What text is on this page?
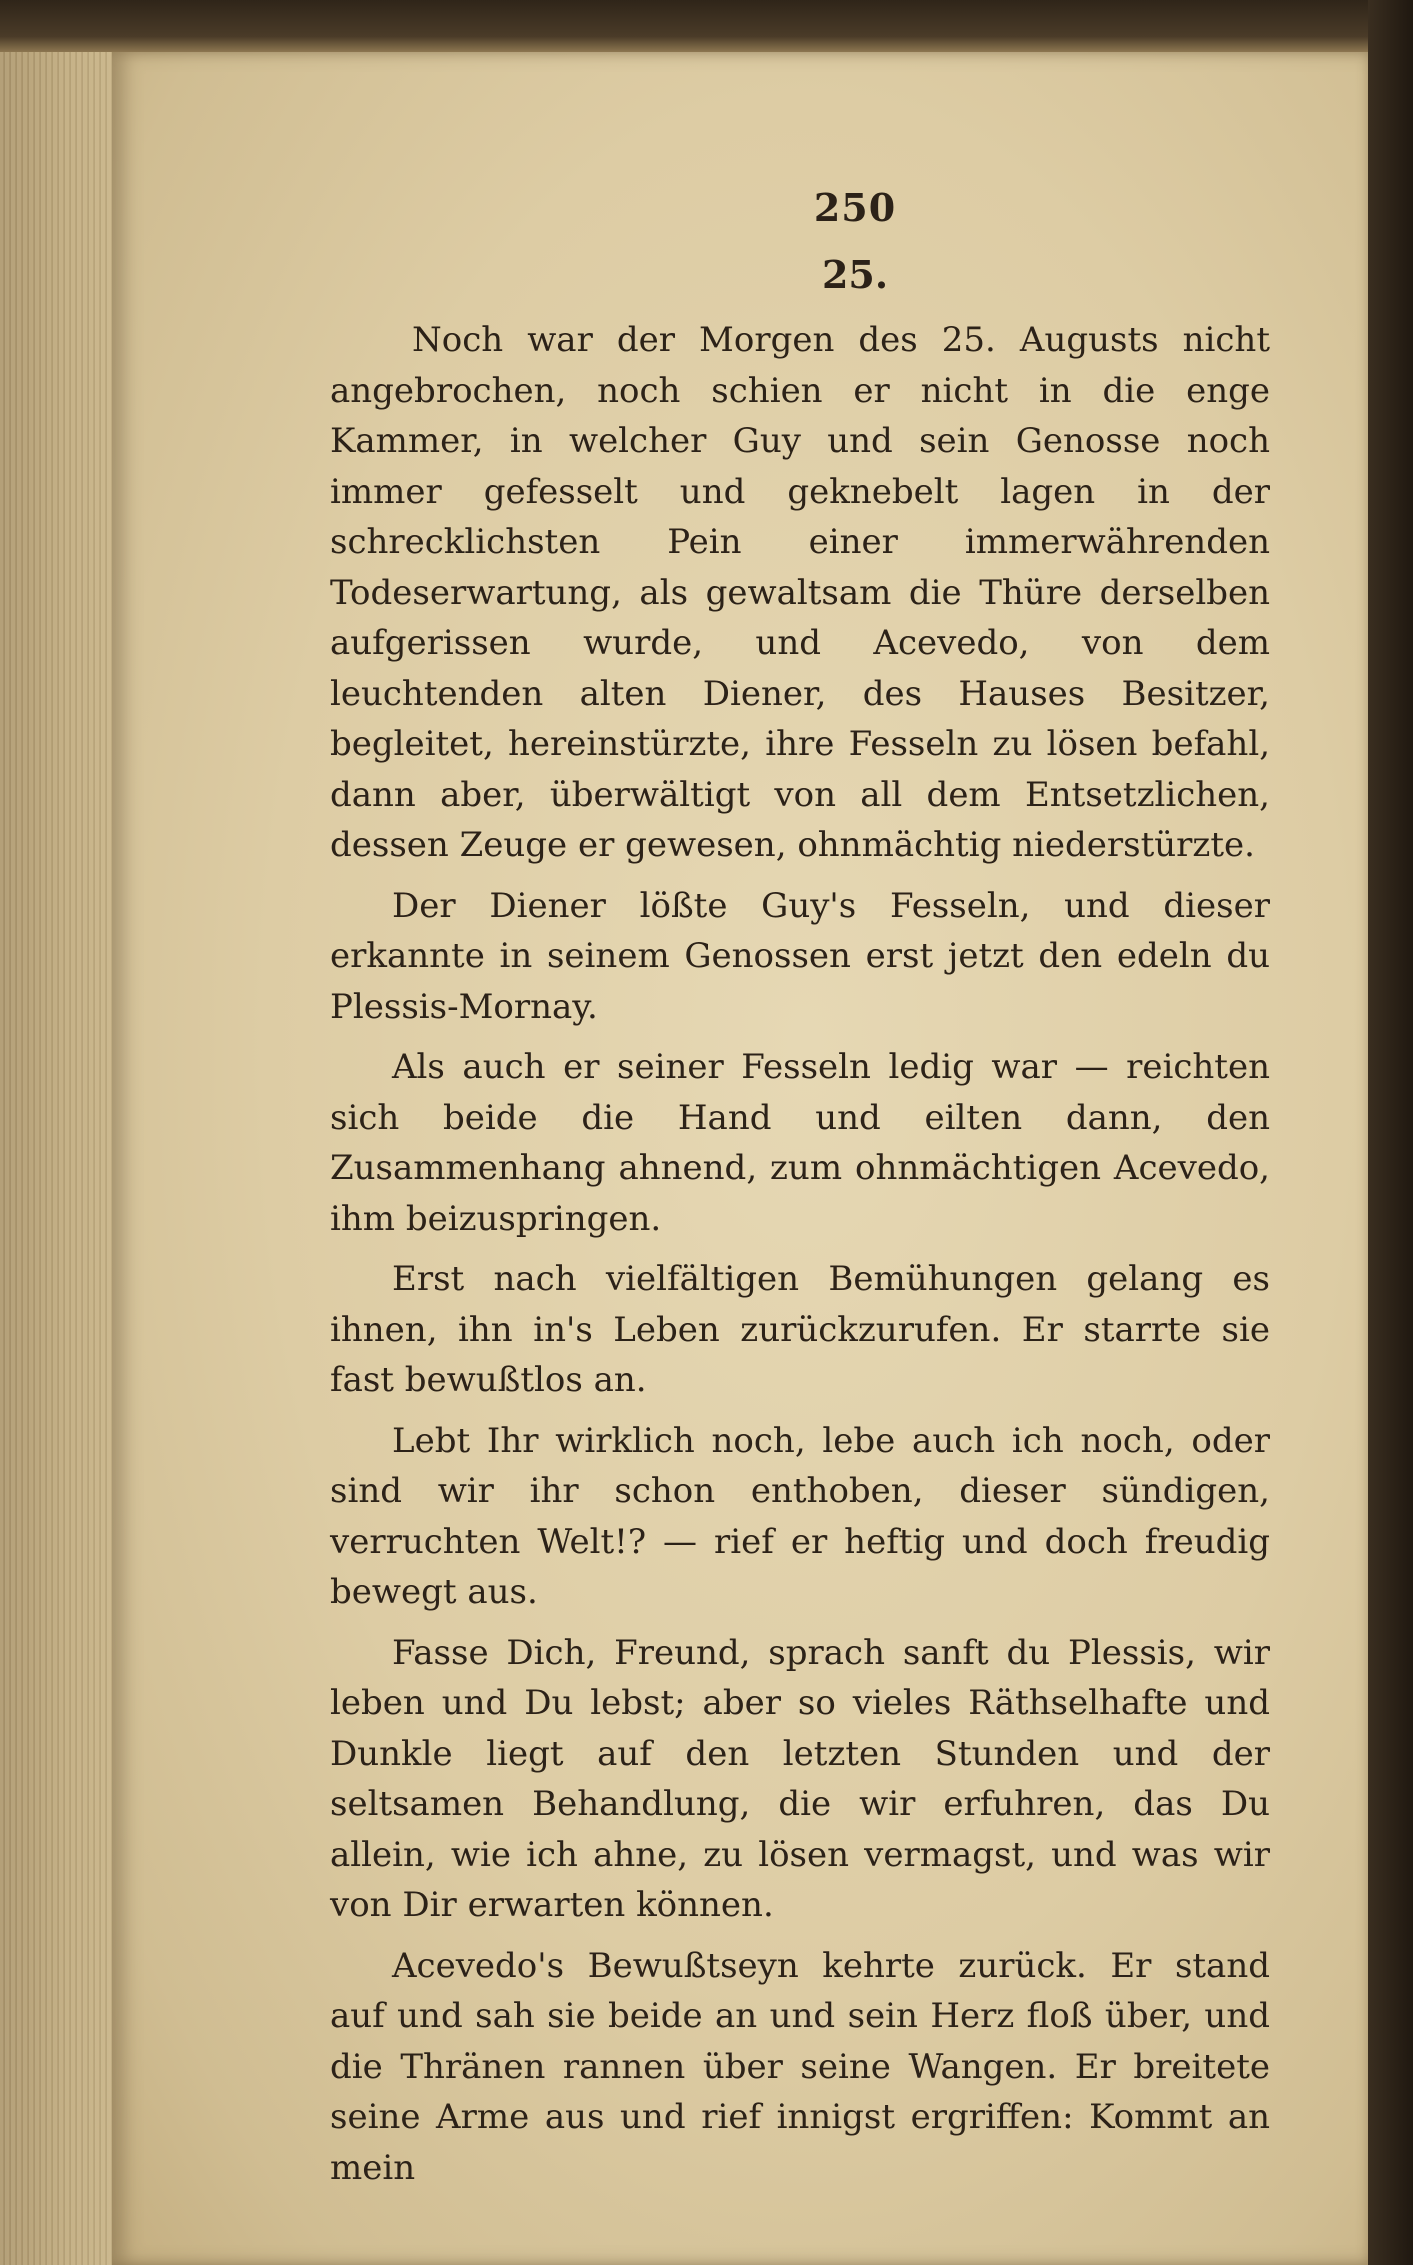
250
25.

Noch war der Morgen des 25. Augusts nicht angebrochen, noch schien er nicht in die enge Kammer, in welcher Guy und sein Genosse noch immer gefesselt und geknebelt lagen in der schrecklichsten Pein einer immerwährenden Todeserwartung, als gewaltsam die Thüre derselben aufgerissen wurde, und Acevedo, von dem leuchtenden alten Diener, des Hauses Besitzer, begleitet, hereinstürzte, ihre Fesseln zu lösen befahl, dann aber, überwältigt von all dem Entsetzlichen, dessen Zeuge er gewesen, ohnmächtig niederstürzte.

Der Diener lößte Guy's Fesseln, und dieser erkannte in seinem Genossen erst jetzt den edeln du Plessis-Mornay.

Als auch er seiner Fesseln ledig war — reichten sich beide die Hand und eilten dann, den Zusammenhang ahnend, zum ohnmächtigen Acevedo, ihm beizuspringen.

Erst nach vielfältigen Bemühungen gelang es ihnen, ihn in's Leben zurückzurufen. Er starrte sie fast bewußtlos an.

Lebt Ihr wirklich noch, lebe auch ich noch, oder sind wir ihr schon enthoben, dieser sündigen, verruchten Welt!? — rief er heftig und doch freudig bewegt aus.

Fasse Dich, Freund, sprach sanft du Plessis, wir leben und Du lebst; aber so vieles Räthselhafte und Dunkle liegt auf den letzten Stunden und der seltsamen Behandlung, die wir erfuhren, das Du allein, wie ich ahne, zu lösen vermagst, und was wir von Dir erwarten können.

Acevedo's Bewußtseyn kehrte zurück. Er stand auf und sah sie beide an und sein Herz floß über, und die Thränen rannen über seine Wangen. Er breitete seine Arme aus und rief innigst ergriffen: Kommt an mein
